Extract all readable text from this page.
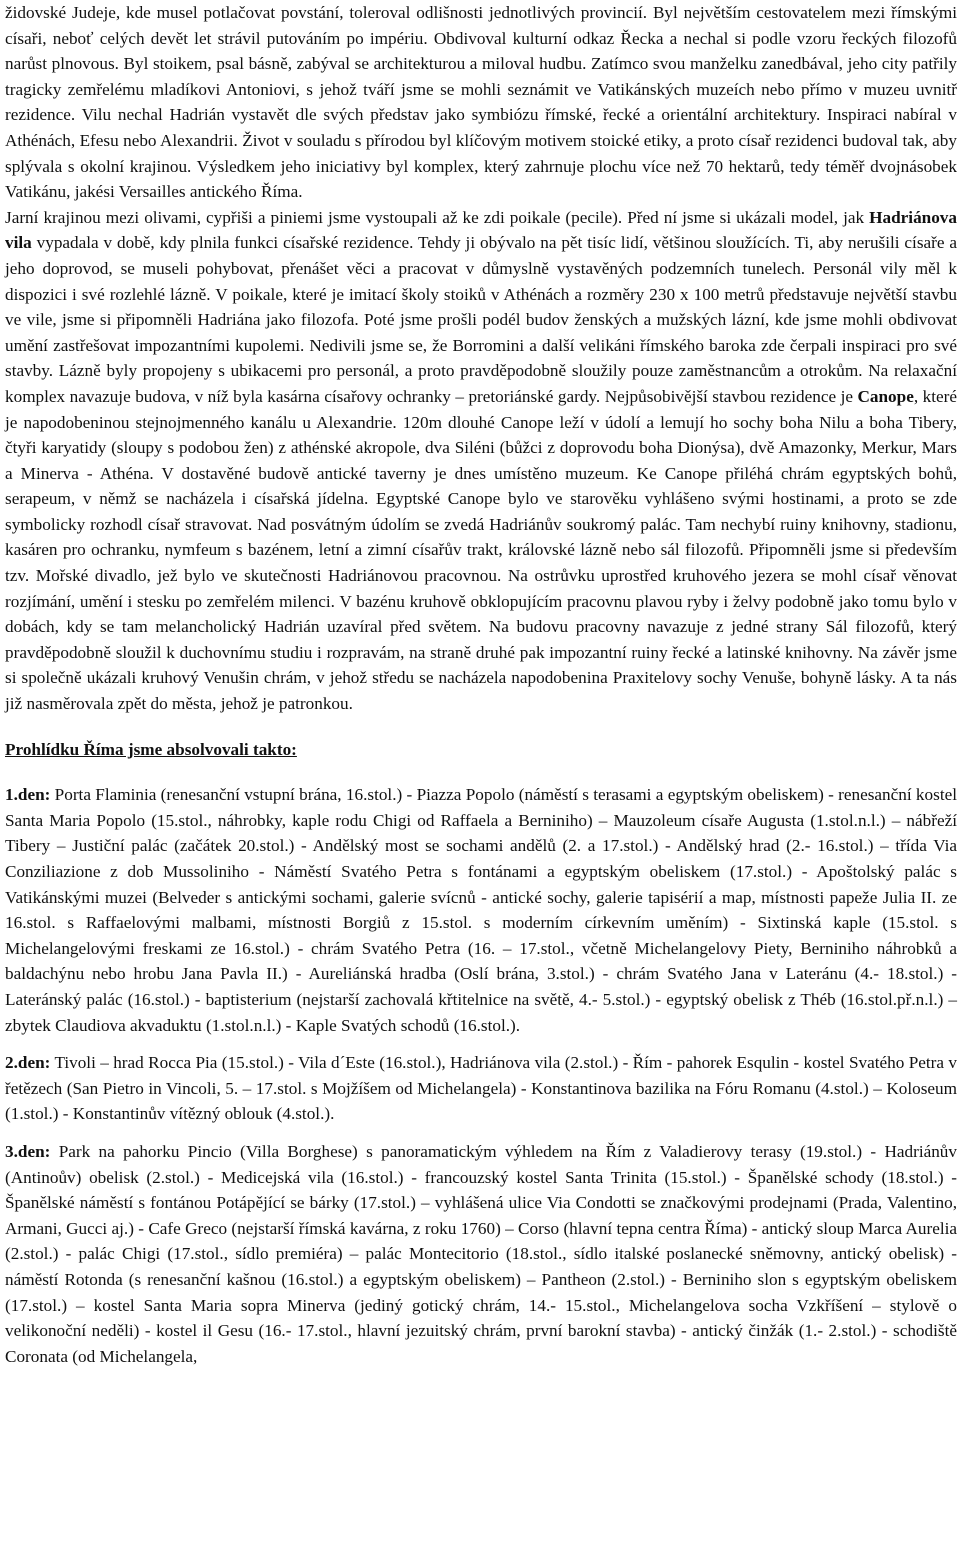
židovské Judeje, kde musel potlačovat povstání, toleroval odlišnosti jednotlivých provincií. Byl největším cestovatelem mezi římskými císaři, neboť celých devět let strávil putováním po impériu. Obdivoval kulturní odkaz Řecka a nechal si podle vzoru řeckých filozofů narůst plnovous. Byl stoikem, psal básně, zabýval se architekturou a miloval hudbu. Zatímco svou manželku zanedbával, jeho city patřily tragicky zemřelému mladíkovi Antoniovi, s jehož tváří jsme se mohli seznámit ve Vatikánských muzeích nebo přímo v muzeu uvnitř rezidence. Vilu nechal Hadrián vystavět dle svých představ jako symbiózu římské, řecké a orientální architektury. Inspiraci nabíral v Athénách, Efesu nebo Alexandrii. Život v souladu s přírodou byl klíčovým motivem stoické etiky, a proto císař rezidenci budoval tak, aby splývala s okolní krajinou. Výsledkem jeho iniciativy byl komplex, který zahrnuje plochu více než 70 hektarů, tedy téměř dvojnásobek Vatikánu, jakési Versailles antického Říma.

Jarní krajinou mezi olivami, cypřiši a piniemi jsme vystoupali až ke zdi poikale (pecile). Před ní jsme si ukázali model, jak Hadriánova vila vypadala v době, kdy plnila funkci císařské rezidence. Tehdy ji obývalo na pět tisíc lidí, většinou sloužících. Ti, aby nerušili císaře a jeho doprovod, se museli pohybovat, přenášet věci a pracovat v důmyslně vystavěných podzemních tunelech. Personál vily měl k dispozici i své rozlehlé lázně. V poikale, které je imitací školy stoiků v Athénách a rozměry 230 x 100 metrů představuje největší stavbu ve vile, jsme si připomněli Hadriána jako filozofa. Poté jsme prošli podél budov ženských a mužských lázní, kde jsme mohli obdivovat umění zastřešovat impozantními kupolemi. Nedivili jsme se, že Borromini a další velikáni římského baroka zde čerpali inspiraci pro své stavby. Lázně byly propojeny s ubikacemi pro personál, a proto pravděpodobně sloužily pouze zaměstnancům a otrokům. Na relaxační komplex navazuje budova, v níž byla kasárna císařovy ochranky – pretoriánské gardy. Nejpůsobivější stavbou rezidence je Canope, které je napodobeninou stejnojmenného kanálu u Alexandrie. 120m dlouhé Canope leží v údolí a lemují ho sochy boha Nilu a boha Tibery, čtyři karyatidy (sloupy s podobou žen) z athénské akropole, dva Siléni (bůžci z doprovodu boha Dionýsa), dvě Amazonky, Merkur, Mars a Minerva - Athéna. V dostavěné budově antické taverny je dnes umístěno muzeum. Ke Canope přiléhá chrám egyptských bohů, serapeum, v němž se nacházela i císařská jídelna. Egyptské Canope bylo ve starověku vyhlášeno svými hostinami, a proto se zde symbolicky rozhodl císař stravovat. Nad posvátným údolím se zvedá Hadriánův soukromý palác. Tam nechybí ruiny knihovny, stadionu, kasáren pro ochranku, nymfeum s bazénem, letní a zimní císařův trakt, královské lázně nebo sál filozofů. Připomněli jsme si především tzv. Mořské divadlo, jež bylo ve skutečnosti Hadriánovou pracovnou. Na ostrůvku uprostřed kruhového jezera se mohl císař věnovat rozjímání, umění i stesku po zemřelém milenci. V bazénu kruhově obklopujícím pracovnu plavou ryby i želvy podobně jako tomu bylo v dobách, kdy se tam melancholický Hadrián uzavíral před světem. Na budovu pracovny navazuje z jedné strany Sál filozofů, který pravděpodobně sloužil k duchovnímu studiu i rozpravám, na straně druhé pak impozantní ruiny řecké a latinské knihovny. Na závěr jsme si společně ukázali kruhový Venušin chrám, v jehož středu se nacházela napodobenina Praxitelovy sochy Venuše, bohyně lásky. A ta nás již nasměrovala zpět do města, jehož je patronkou.

Prohlídku Říma jsme absolvovali takto:

1.den: Porta Flaminia (renesanční vstupní brána, 16.stol.) - Piazza Popolo (náměstí s terasami a egyptským obeliskem) - renesanční kostel Santa Maria Popolo (15.stol., náhrobky, kaple rodu Chigi od Raffaela a Berniniho) – Mauzoleum císaře Augusta (1.stol.n.l.) – nábřeží Tibery – Justiční palác (začátek 20.stol.) - Andělský most se sochami andělů (2. a 17.stol.) - Andělský hrad (2.- 16.stol.) – třída Via Conziliazione z dob Mussoliniho - Náměstí Svatého Petra s fontánami a egyptským obeliskem (17.stol.) - Apoštolský palác s Vatikánskými muzei (Belveder s antickými sochami, galerie svícnů - antické sochy, galerie tapisérií a map, místnosti papeže Julia II. ze 16.stol. s Raffaelovými malbami, místnosti Borgiů z 15.stol. s moderním církevním uměním) - Sixtinská kaple (15.stol. s Michelangelovými freskami ze 16.stol.) - chrám Svatého Petra (16. – 17.stol., včetně Michelangelovy Piety, Berniniho náhrobků a baldachýnu nebo hrobu Jana Pavla II.) - Aureliánská hradba (Oslí brána, 3.stol.) - chrám Svatého Jana v Lateránu (4.- 18.stol.) - Lateránský palác (16.stol.) - baptisterium (nejstarší zachovalá křtitelnice na světě, 4.- 5.stol.) - egyptský obelisk z Théb (16.stol.př.n.l.) – zbytek Claudiova akvaduktu (1.stol.n.l.) - Kaple Svatých schodů (16.stol.).

2.den: Tivoli – hrad Rocca Pia (15.stol.) - Vila d´Este (16.stol.), Hadriánova vila (2.stol.) - Řím - pahorek Esqulin - kostel Svatého Petra v řetězech (San Pietro in Vincoli, 5. – 17.stol. s Mojžíšem od Michelangela) - Konstantinova bazilika na Fóru Romanu (4.stol.) – Koloseum (1.stol.) - Konstantinův vítězný oblouk (4.stol.).

3.den: Park na pahorku Pincio (Villa Borghese) s panoramatickým výhledem na Řím z Valadierovy terasy (19.stol.) - Hadriánův (Antinoův) obelisk (2.stol.) - Medicejská vila (16.stol.) - francouzský kostel Santa Trinita (15.stol.) - Španělské schody (18.stol.) - Španělské náměstí s fontánou Potápějící se bárky (17.stol.) – vyhlášená ulice Via Condotti se značkovými prodejnami (Prada, Valentino, Armani, Gucci aj.) - Cafe Greco (nejstarší římská kavárna, z roku 1760) – Corso (hlavní tepna centra Říma) - antický sloup Marca Aurelia (2.stol.) - palác Chigi (17.stol., sídlo premiéra) – palác Montecitorio (18.stol., sídlo italské poslanecké sněmovny, antický obelisk) - náměstí Rotonda (s renesanční kašnou (16.stol.) a egyptským obeliskem) – Pantheon (2.stol.) - Berniniho slon s egyptským obeliskem (17.stol.) – kostel Santa Maria sopra Minerva (jediný gotický chrám, 14.- 15.stol., Michelangelova socha Vzkříšení – stylově o velikonoční neděli) - kostel il Gesu (16.- 17.stol., hlavní jezuitský chrám, první barokní stavba) - antický činžák (1.- 2.stol.) - schodiště Coronata (od Michelangela,
